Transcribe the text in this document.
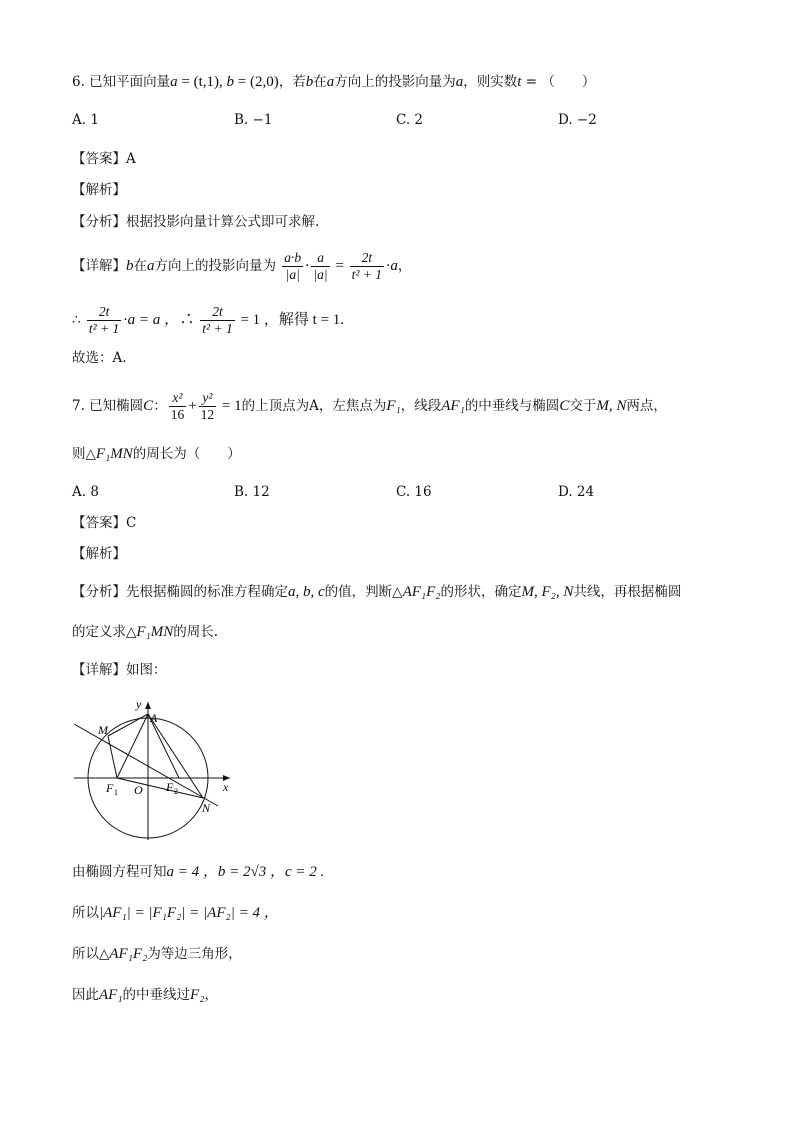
6. 已知平面向量a = (t,1), b = (2,0)，若b在a方向上的投影向量为a，则实数t = （　　）
A. 1	B. −1	C. 2	D. −2
【答案】A
【解析】
【分析】根据投影向量计算公式即可求解.
【详解】b在a方向上的投影向量为 $\frac{a\cdot b}{|a|} \cdot \frac{a}{|a|} = \frac{2t}{\text{t² + 1}} \cdot a$，
∴ $\frac{2t}{\text{t² + 1}} \cdot a = a$ ，∴ $\frac{2t}{\text{t² + 1}} = 1$ ，解得 t = 1.
故选：A.
7. 已知椭圆C： $\frac{\text{x²}}{16} + \frac{\text{y²}}{12} = 1$的上顶点为A，左焦点为F₁，线段AF₁的中垂线与椭圆C交于M, N两点，
则△F₁MN的周长为（　　）
A. 8	B. 12	C. 16	D. 24
【答案】C
【解析】
【分析】先根据椭圆的标准方程确定a, b, c的值，判断△AF₁F₂的形状，确定M, F₂, N共线，再根据椭圆
的定义求△F₁MN的周长.
【详解】如图：
y
x
A
M
N
F 1 O F 2
由椭圆方程可知a = 4 ，b = 2√3 ，c = 2 .
所以|AF₁| = |F₁F₂| = |AF₂| = 4 ，
所以△AF₁F₂为等边三角形，
因此AF₁的中垂线过F₂，
